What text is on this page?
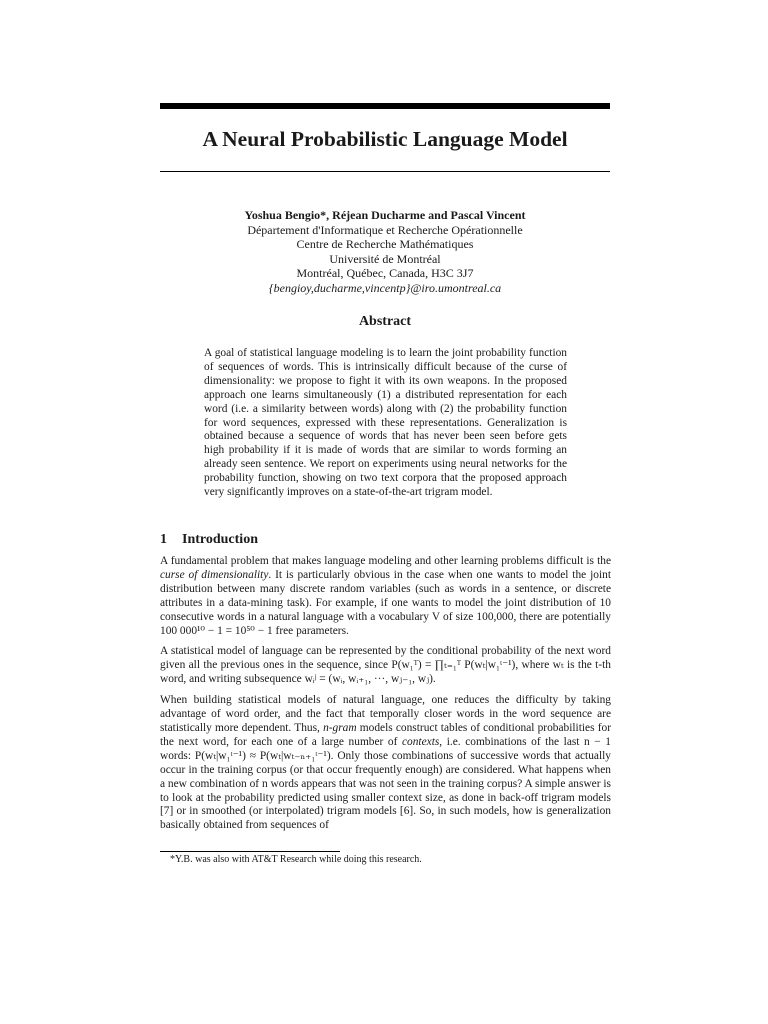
A Neural Probabilistic Language Model
Yoshua Bengio*, Réjean Ducharme and Pascal Vincent
Département d'Informatique et Recherche Opérationnelle
Centre de Recherche Mathématiques
Université de Montréal
Montréal, Québec, Canada, H3C 3J7
{bengioy,ducharme,vincentp}@iro.umontreal.ca
Abstract
A goal of statistical language modeling is to learn the joint probability function of sequences of words. This is intrinsically difficult because of the curse of dimensionality: we propose to fight it with its own weapons. In the proposed approach one learns simultaneously (1) a distributed representation for each word (i.e. a similarity between words) along with (2) the probability function for word sequences, expressed with these representations. Generalization is obtained because a sequence of words that has never been seen before gets high probability if it is made of words that are similar to words forming an already seen sentence. We report on experiments using neural networks for the probability function, showing on two text corpora that the proposed approach very significantly improves on a state-of-the-art trigram model.
1 Introduction

A fundamental problem that makes language modeling and other learning problems difficult is the curse of dimensionality. It is particularly obvious in the case when one wants to model the joint distribution between many discrete random variables (such as words in a sentence, or discrete attributes in a data-mining task). For example, if one wants to model the joint distribution of 10 consecutive words in a natural language with a vocabulary V of size 100,000, there are potentially 100 000¹⁰ − 1 = 10⁵⁰ − 1 free parameters.

A statistical model of language can be represented by the conditional probability of the next word given all the previous ones in the sequence, since P(w₁ᵀ) = ∏ₜ₌₁ᵀ P(wₜ|w₁ᵗ⁻¹), where wₜ is the t-th word, and writing subsequence wᵢʲ = (wᵢ, wᵢ₊₁, ···, wⱼ₋₁, wⱼ).

When building statistical models of natural language, one reduces the difficulty by taking advantage of word order, and the fact that temporally closer words in the word sequence are statistically more dependent. Thus, n-gram models construct tables of conditional probabilities for the next word, for each one of a large number of contexts, i.e. combinations of the last n − 1 words: P(wₜ|w₁ᵗ⁻¹) ≈ P(wₜ|wₜ₋ₙ₊₁ᵗ⁻¹). Only those combinations of successive words that actually occur in the training corpus (or that occur frequently enough) are considered. What happens when a new combination of n words appears that was not seen in the training corpus? A simple answer is to look at the probability predicted using smaller context size, as done in back-off trigram models [7] or in smoothed (or interpolated) trigram models [6]. So, in such models, how is generalization basically obtained from sequences of

*Y.B. was also with AT&T Research while doing this research.
